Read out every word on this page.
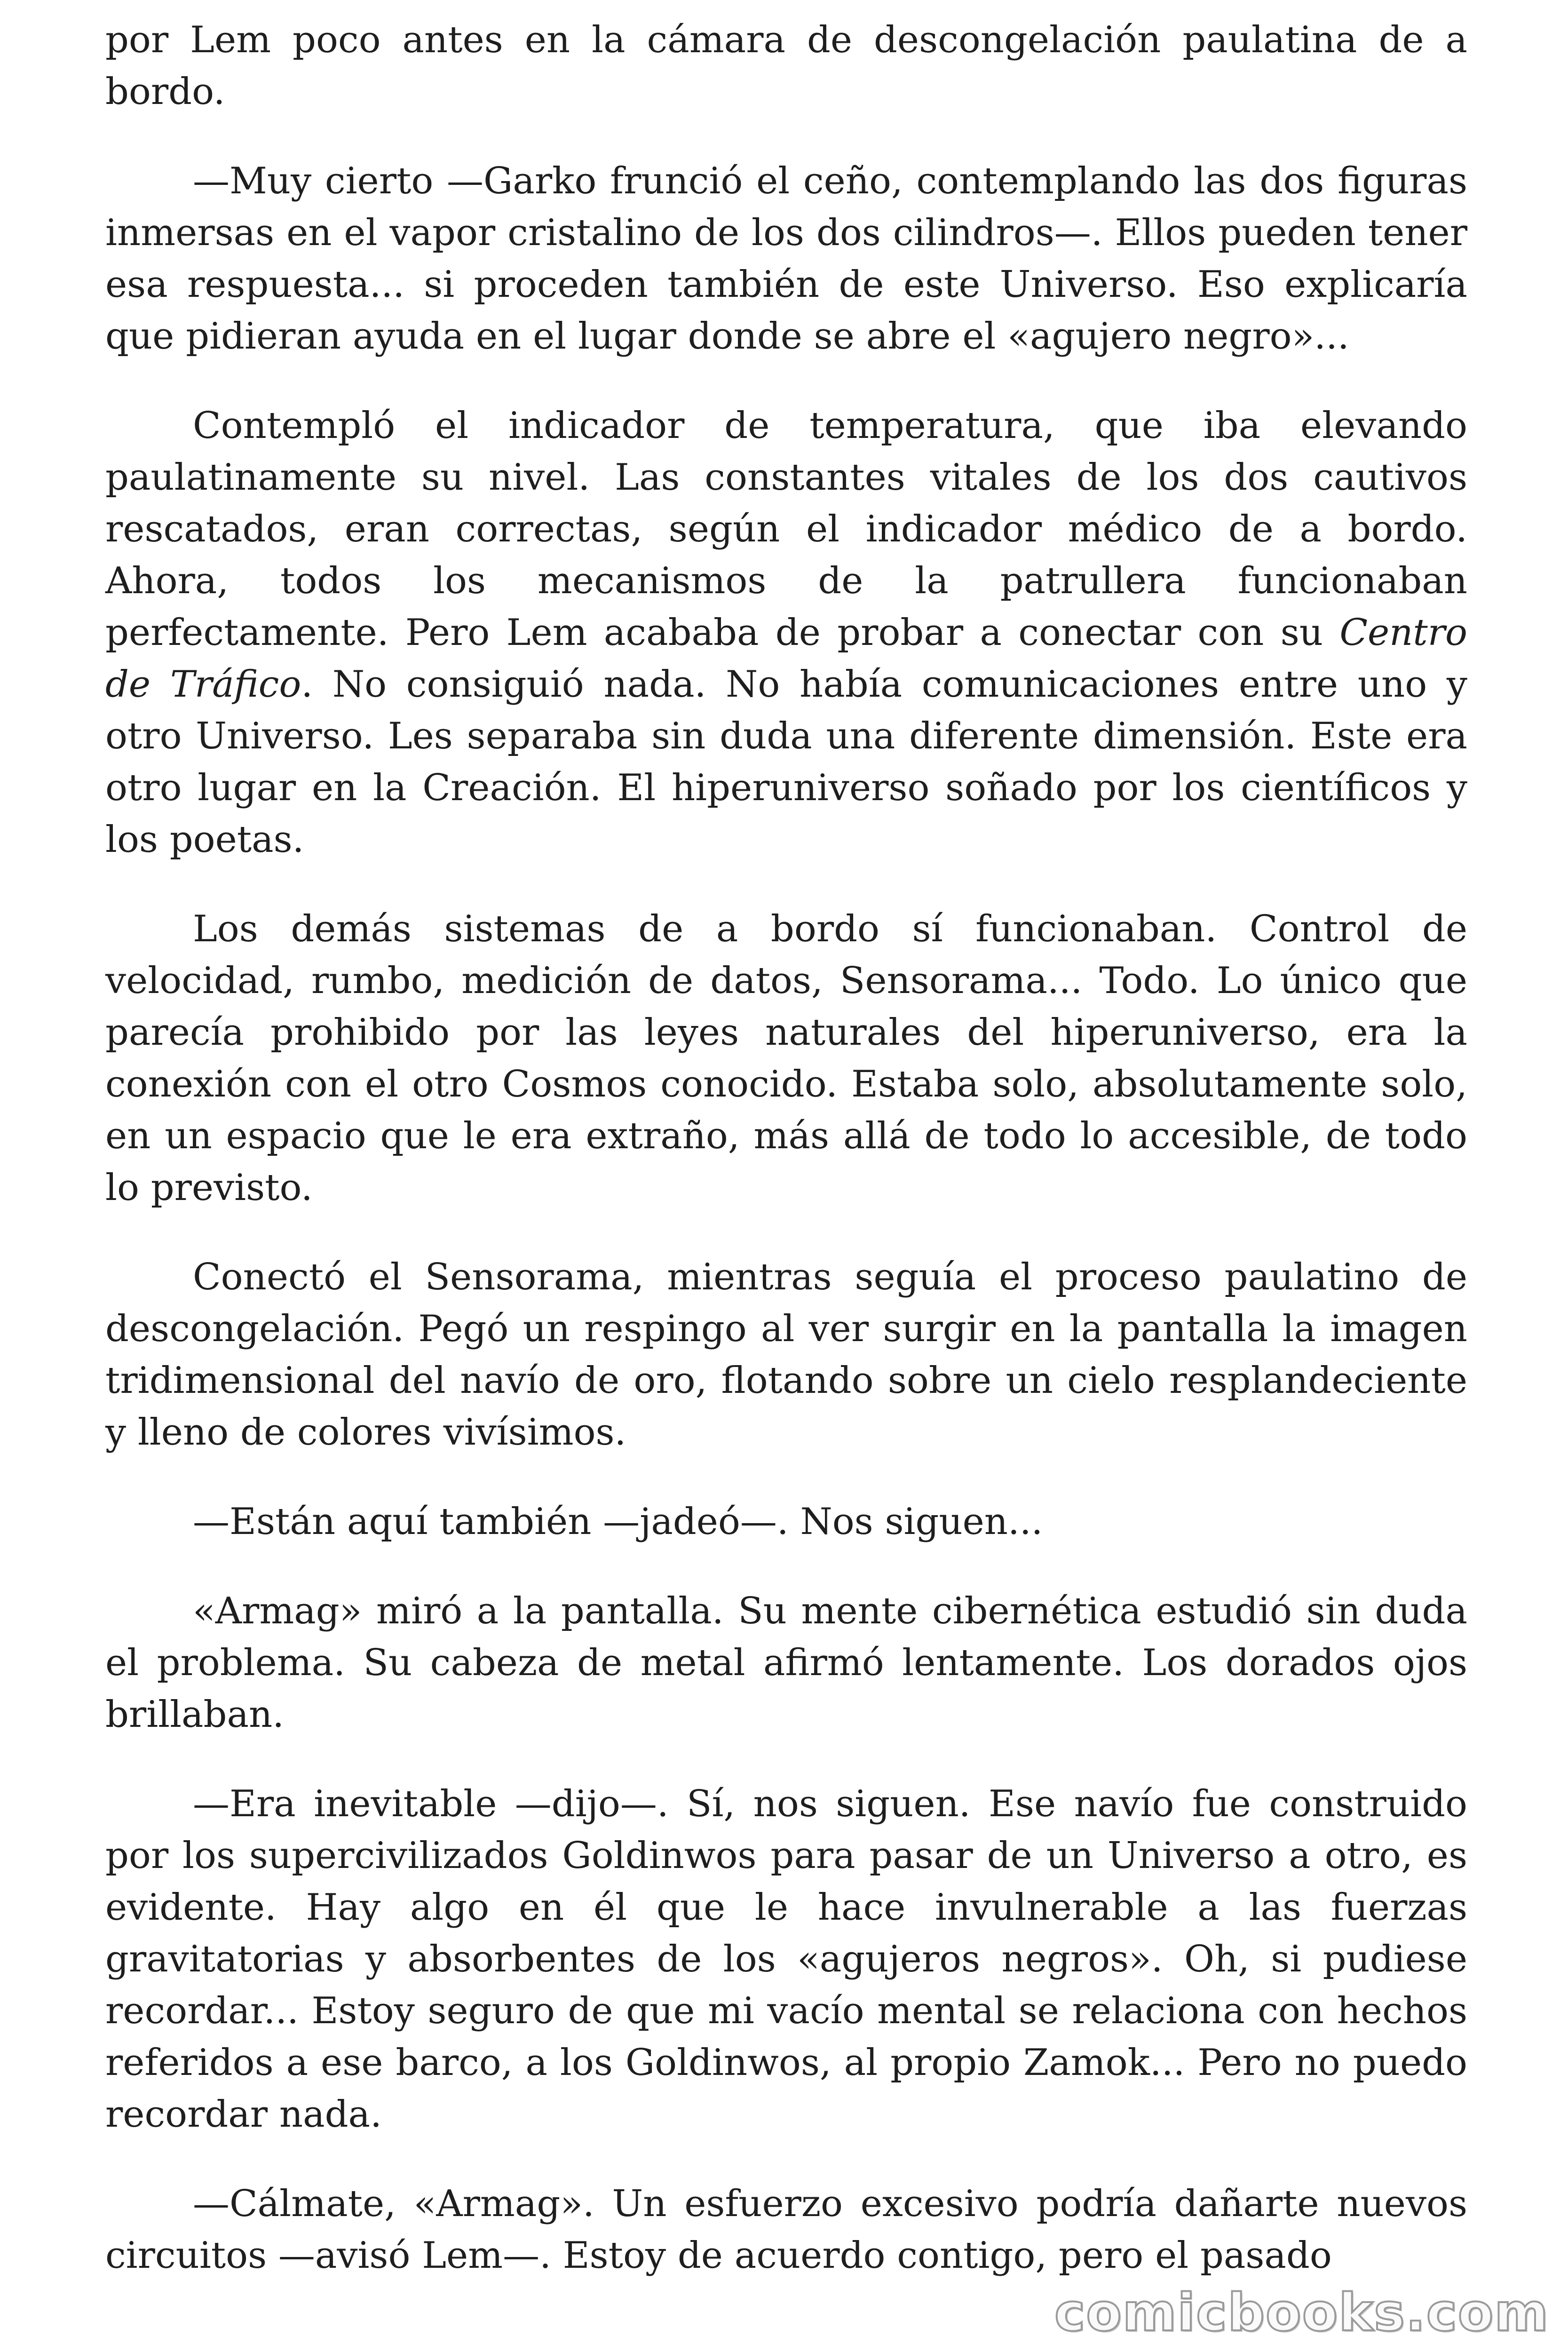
por Lem poco antes en la cámara de descongelación paulatina de a bordo.

—Muy cierto —Garko frunció el ceño, contemplando las dos figuras inmersas en el vapor cristalino de los dos cilindros—. Ellos pueden tener esa respuesta... si proceden también de este Universo. Eso explicaría que pidieran ayuda en el lugar donde se abre el «agujero negro»...

Contempló el indicador de temperatura, que iba elevando paulatinamente su nivel. Las constantes vitales de los dos cautivos rescatados, eran correctas, según el indicador médico de a bordo. Ahora, todos los mecanismos de la patrullera funcionaban perfectamente. Pero Lem acababa de probar a conectar con su Centro de Tráfico. No consiguió nada. No había comunicaciones entre uno y otro Universo. Les separaba sin duda una diferente dimensión. Este era otro lugar en la Creación. El hiperuniverso soñado por los científicos y los poetas.

Los demás sistemas de a bordo sí funcionaban. Control de velocidad, rumbo, medición de datos, Sensorama... Todo. Lo único que parecía prohibido por las leyes naturales del hiperuniverso, era la conexión con el otro Cosmos conocido. Estaba solo, absolutamente solo, en un espacio que le era extraño, más allá de todo lo accesible, de todo lo previsto.

Conectó el Sensorama, mientras seguía el proceso paulatino de descongelación. Pegó un respingo al ver surgir en la pantalla la imagen tridimensional del navío de oro, flotando sobre un cielo resplandeciente y lleno de colores vivísimos.

—Están aquí también —jadeó—. Nos siguen...

«Armag» miró a la pantalla. Su mente cibernética estudió sin duda el problema. Su cabeza de metal afirmó lentamente. Los dorados ojos brillaban.

—Era inevitable —dijo—. Sí, nos siguen. Ese navío fue construido por los supercivilizados Goldinwos para pasar de un Universo a otro, es evidente. Hay algo en él que le hace invulnerable a las fuerzas gravitatorias y absorbentes de los «agujeros negros». Oh, si pudiese recordar... Estoy seguro de que mi vacío mental se relaciona con hechos referidos a ese barco, a los Goldinwos, al propio Zamok... Pero no puedo recordar nada.

—Cálmate, «Armag». Un esfuerzo excesivo podría dañarte nuevos circuitos —avisó Lem—. Estoy de acuerdo contigo, pero el pasado

comicbooks.com
